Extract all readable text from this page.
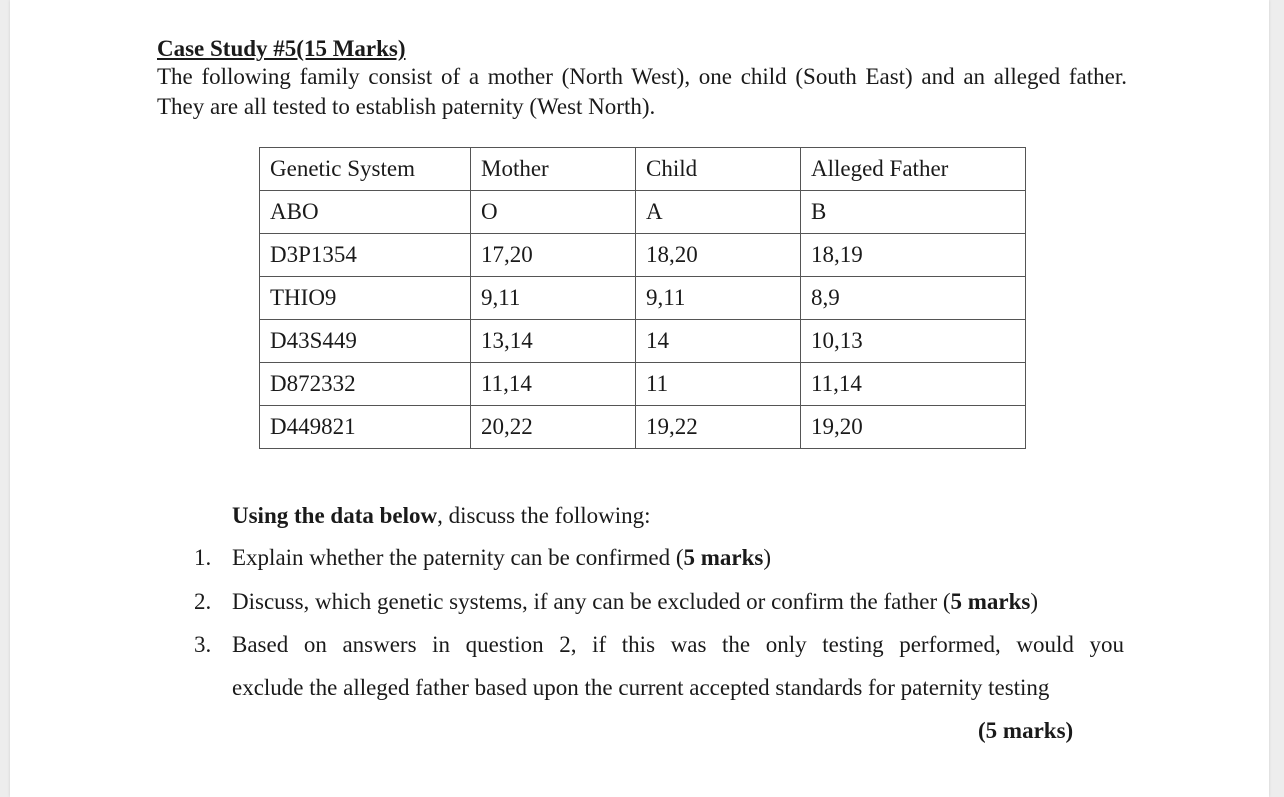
Case Study #5(15 Marks)
The following family consist of a mother (North West), one child (South East) and an alleged father. They are all tested to establish paternity (West North).
Genetic System	Mother	Child	Alleged Father
ABO	O	A	B
D3P1354	17,20	18,20	18,19
THIO9	9,11	9,11	8,9
D43S449	13,14	14	10,13
D872332	11,14	11	11,14
D449821	20,22	19,22	19,20
Using the data below, discuss the following:
1. Explain whether the paternity can be confirmed (5 marks)
2. Discuss, which genetic systems, if any can be excluded or confirm the father (5 marks)
3. Based on answers in question 2, if this was the only testing performed, would you
exclude the alleged father based upon the current accepted standards for paternity testing
(5 marks)
